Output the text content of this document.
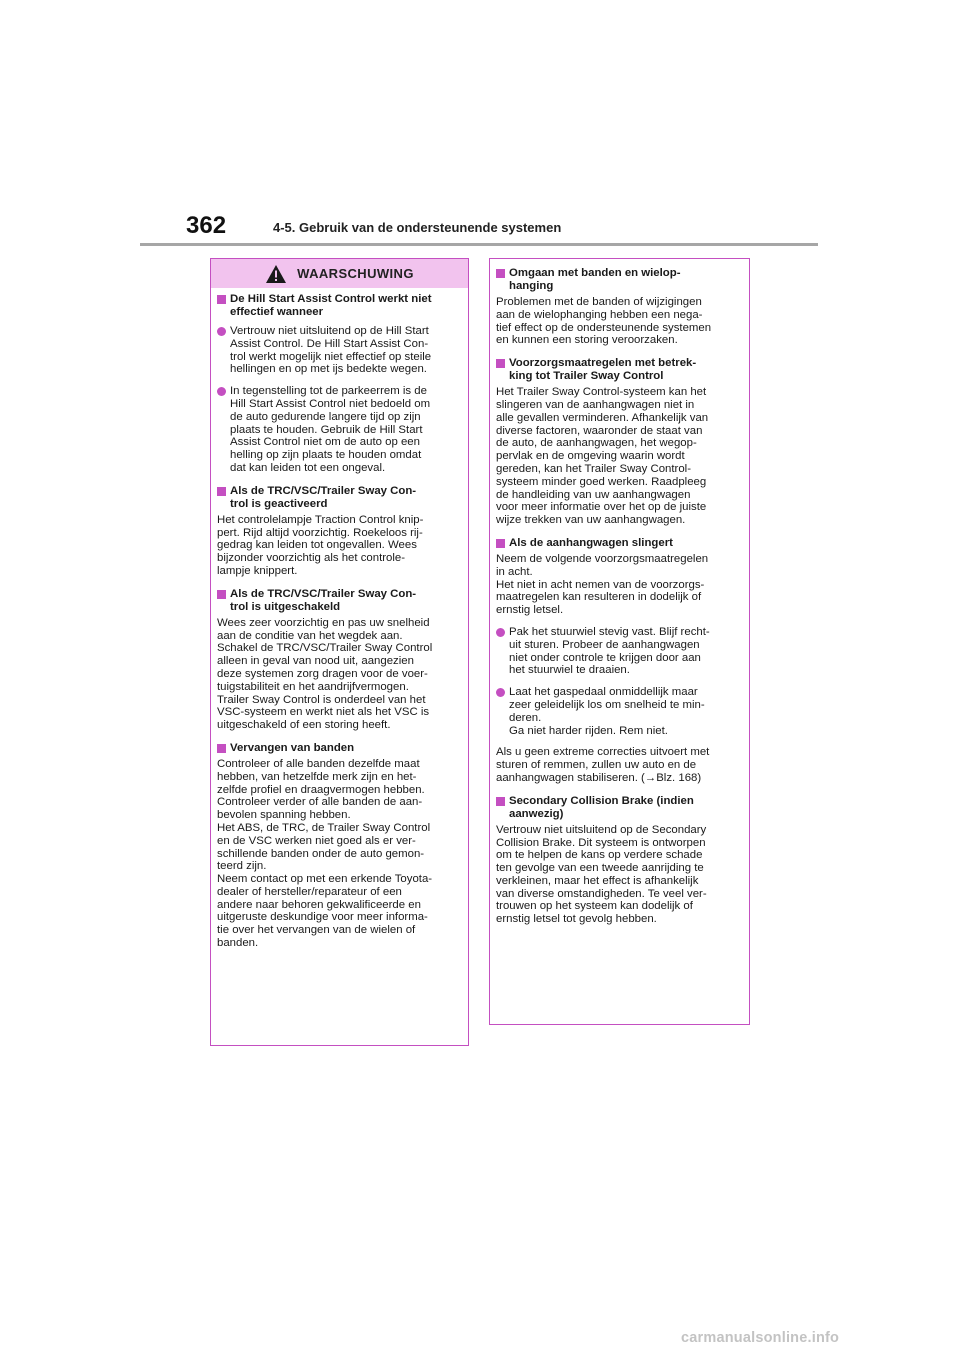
362	4-5. Gebruik van de ondersteunende systemen
WAARSCHUWING
De Hill Start Assist Control werkt niet
effectief wanneer
Vertrouw niet uitsluitend op de Hill Start
Assist Control. De Hill Start Assist Con-
trol werkt mogelijk niet effectief op steile
hellingen en op met ijs bedekte wegen.
In tegenstelling tot de parkeerrem is de
Hill Start Assist Control niet bedoeld om
de auto gedurende langere tijd op zijn
plaats te houden. Gebruik de Hill Start
Assist Control niet om de auto op een
helling op zijn plaats te houden omdat
dat kan leiden tot een ongeval.
Als de TRC/VSC/Trailer Sway Con-
trol is geactiveerd
Het controlelampje Traction Control knip-
pert. Rijd altijd voorzichtig. Roekeloos rij-
gedrag kan leiden tot ongevallen. Wees
bijzonder voorzichtig als het controle-
lampje knippert.
Als de TRC/VSC/Trailer Sway Con-
trol is uitgeschakeld
Wees zeer voorzichtig en pas uw snelheid
aan de conditie van het wegdek aan.
Schakel de TRC/VSC/Trailer Sway Control
alleen in geval van nood uit, aangezien
deze systemen zorg dragen voor de voer-
tuigstabiliteit en het aandrijfvermogen.
Trailer Sway Control is onderdeel van het
VSC-systeem en werkt niet als het VSC is
uitgeschakeld of een storing heeft.
Vervangen van banden
Controleer of alle banden dezelfde maat
hebben, van hetzelfde merk zijn en het-
zelfde profiel en draagvermogen hebben.
Controleer verder of alle banden de aan-
bevolen spanning hebben.
Het ABS, de TRC, de Trailer Sway Control
en de VSC werken niet goed als er ver-
schillende banden onder de auto gemon-
teerd zijn.
Neem contact op met een erkende Toyota-
dealer of hersteller/reparateur of een
andere naar behoren gekwalificeerde en
uitgeruste deskundige voor meer informa-
tie over het vervangen van de wielen of
banden.
Omgaan met banden en wielop-
hanging
Problemen met de banden of wijzigingen
aan de wielophanging hebben een nega-
tief effect op de ondersteunende systemen
en kunnen een storing veroorzaken.
Voorzorgsmaatregelen met betrek-
king tot Trailer Sway Control
Het Trailer Sway Control-systeem kan het
slingeren van de aanhangwagen niet in
alle gevallen verminderen. Afhankelijk van
diverse factoren, waaronder de staat van
de auto, de aanhangwagen, het wegop-
pervlak en de omgeving waarin wordt
gereden, kan het Trailer Sway Control-
systeem minder goed werken. Raadpleeg
de handleiding van uw aanhangwagen
voor meer informatie over het op de juiste
wijze trekken van uw aanhangwagen.
Als de aanhangwagen slingert
Neem de volgende voorzorgsmaatregelen
in acht.
Het niet in acht nemen van de voorzorgs-
maatregelen kan resulteren in dodelijk of
ernstig letsel.
Pak het stuurwiel stevig vast. Blijf recht-
uit sturen. Probeer de aanhangwagen
niet onder controle te krijgen door aan
het stuurwiel te draaien.
Laat het gaspedaal onmiddellijk maar
zeer geleidelijk los om snelheid te min-
deren.
Ga niet harder rijden. Rem niet.
Als u geen extreme correcties uitvoert met
sturen of remmen, zullen uw auto en de
aanhangwagen stabiliseren. (→Blz. 168)
Secondary Collision Brake (indien
aanwezig)
Vertrouw niet uitsluitend op de Secondary
Collision Brake. Dit systeem is ontworpen
om te helpen de kans op verdere schade
ten gevolge van een tweede aanrijding te
verkleinen, maar het effect is afhankelijk
van diverse omstandigheden. Te veel ver-
trouwen op het systeem kan dodelijk of
ernstig letsel tot gevolg hebben.
carmanualsonline.info
